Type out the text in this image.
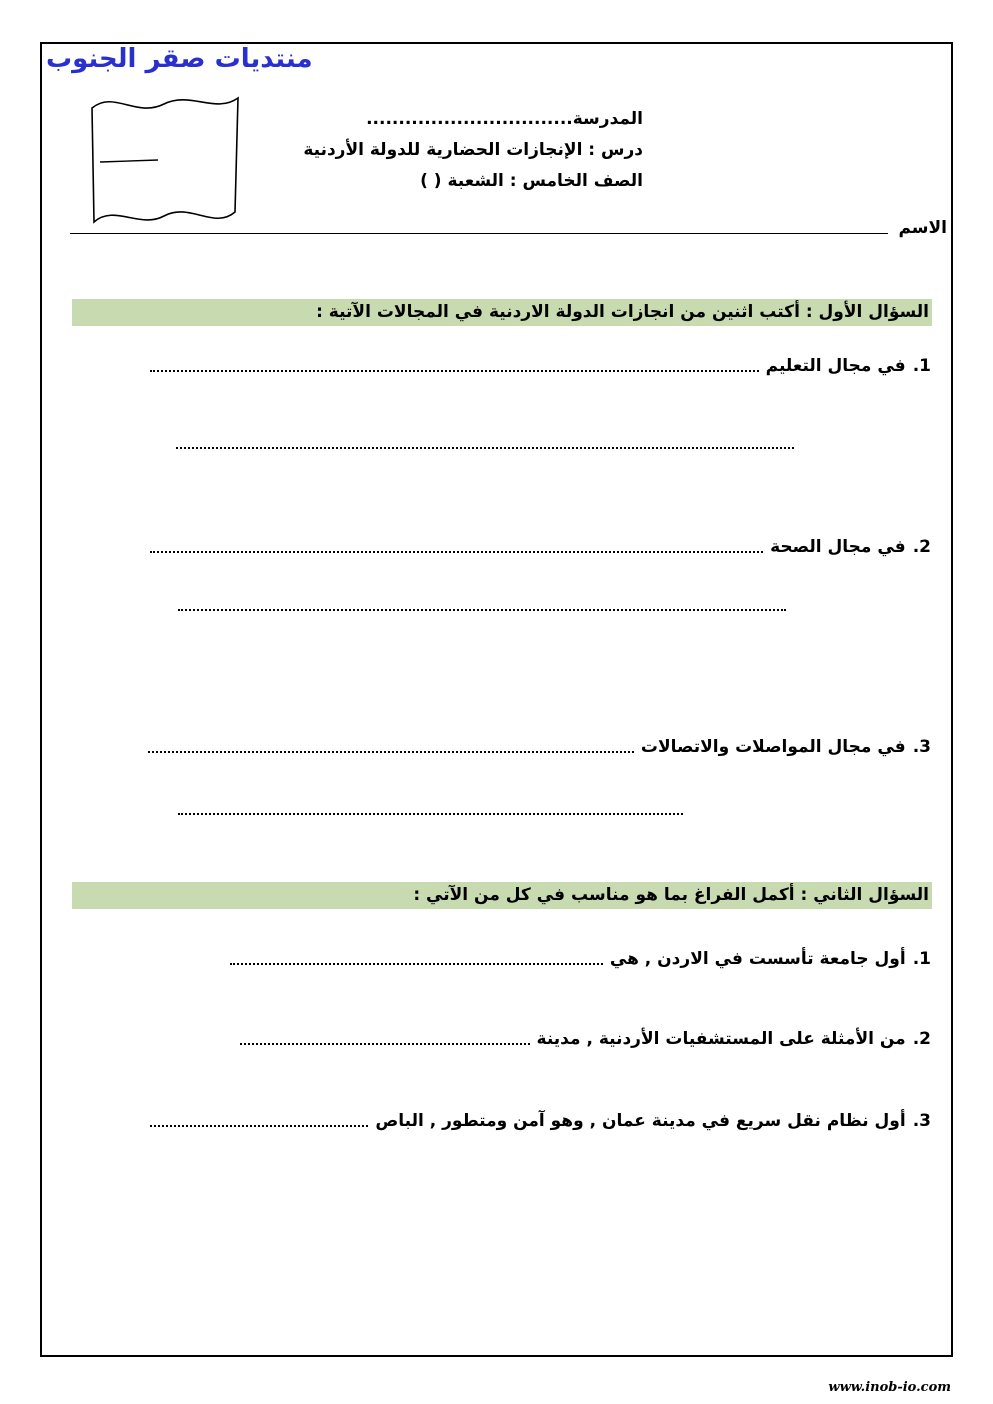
منتديات صقر الجنوب
المدرسة................................
درس : الإنجازات الحضارية للدولة الأردنية
الصف الخامس : الشعبة ( )
الاسم
السؤال الأول : أكتب اثنين من انجازات الدولة الاردنية في المجالات الآتية :
1.
في مجال التعليم
2.
في مجال الصحة
3.
في مجال المواصلات والاتصالات
السؤال الثاني : أكمل الفراغ بما هو مناسب في كل من الآتي :
1.
أول جامعة تأسست في الاردن , هي
2.
من الأمثلة على المستشفيات الأردنية , مدينة
3.
أول نظام نقل سريع في مدينة عمان , وهو آمن ومتطور , الباص
www.inob-io.com
